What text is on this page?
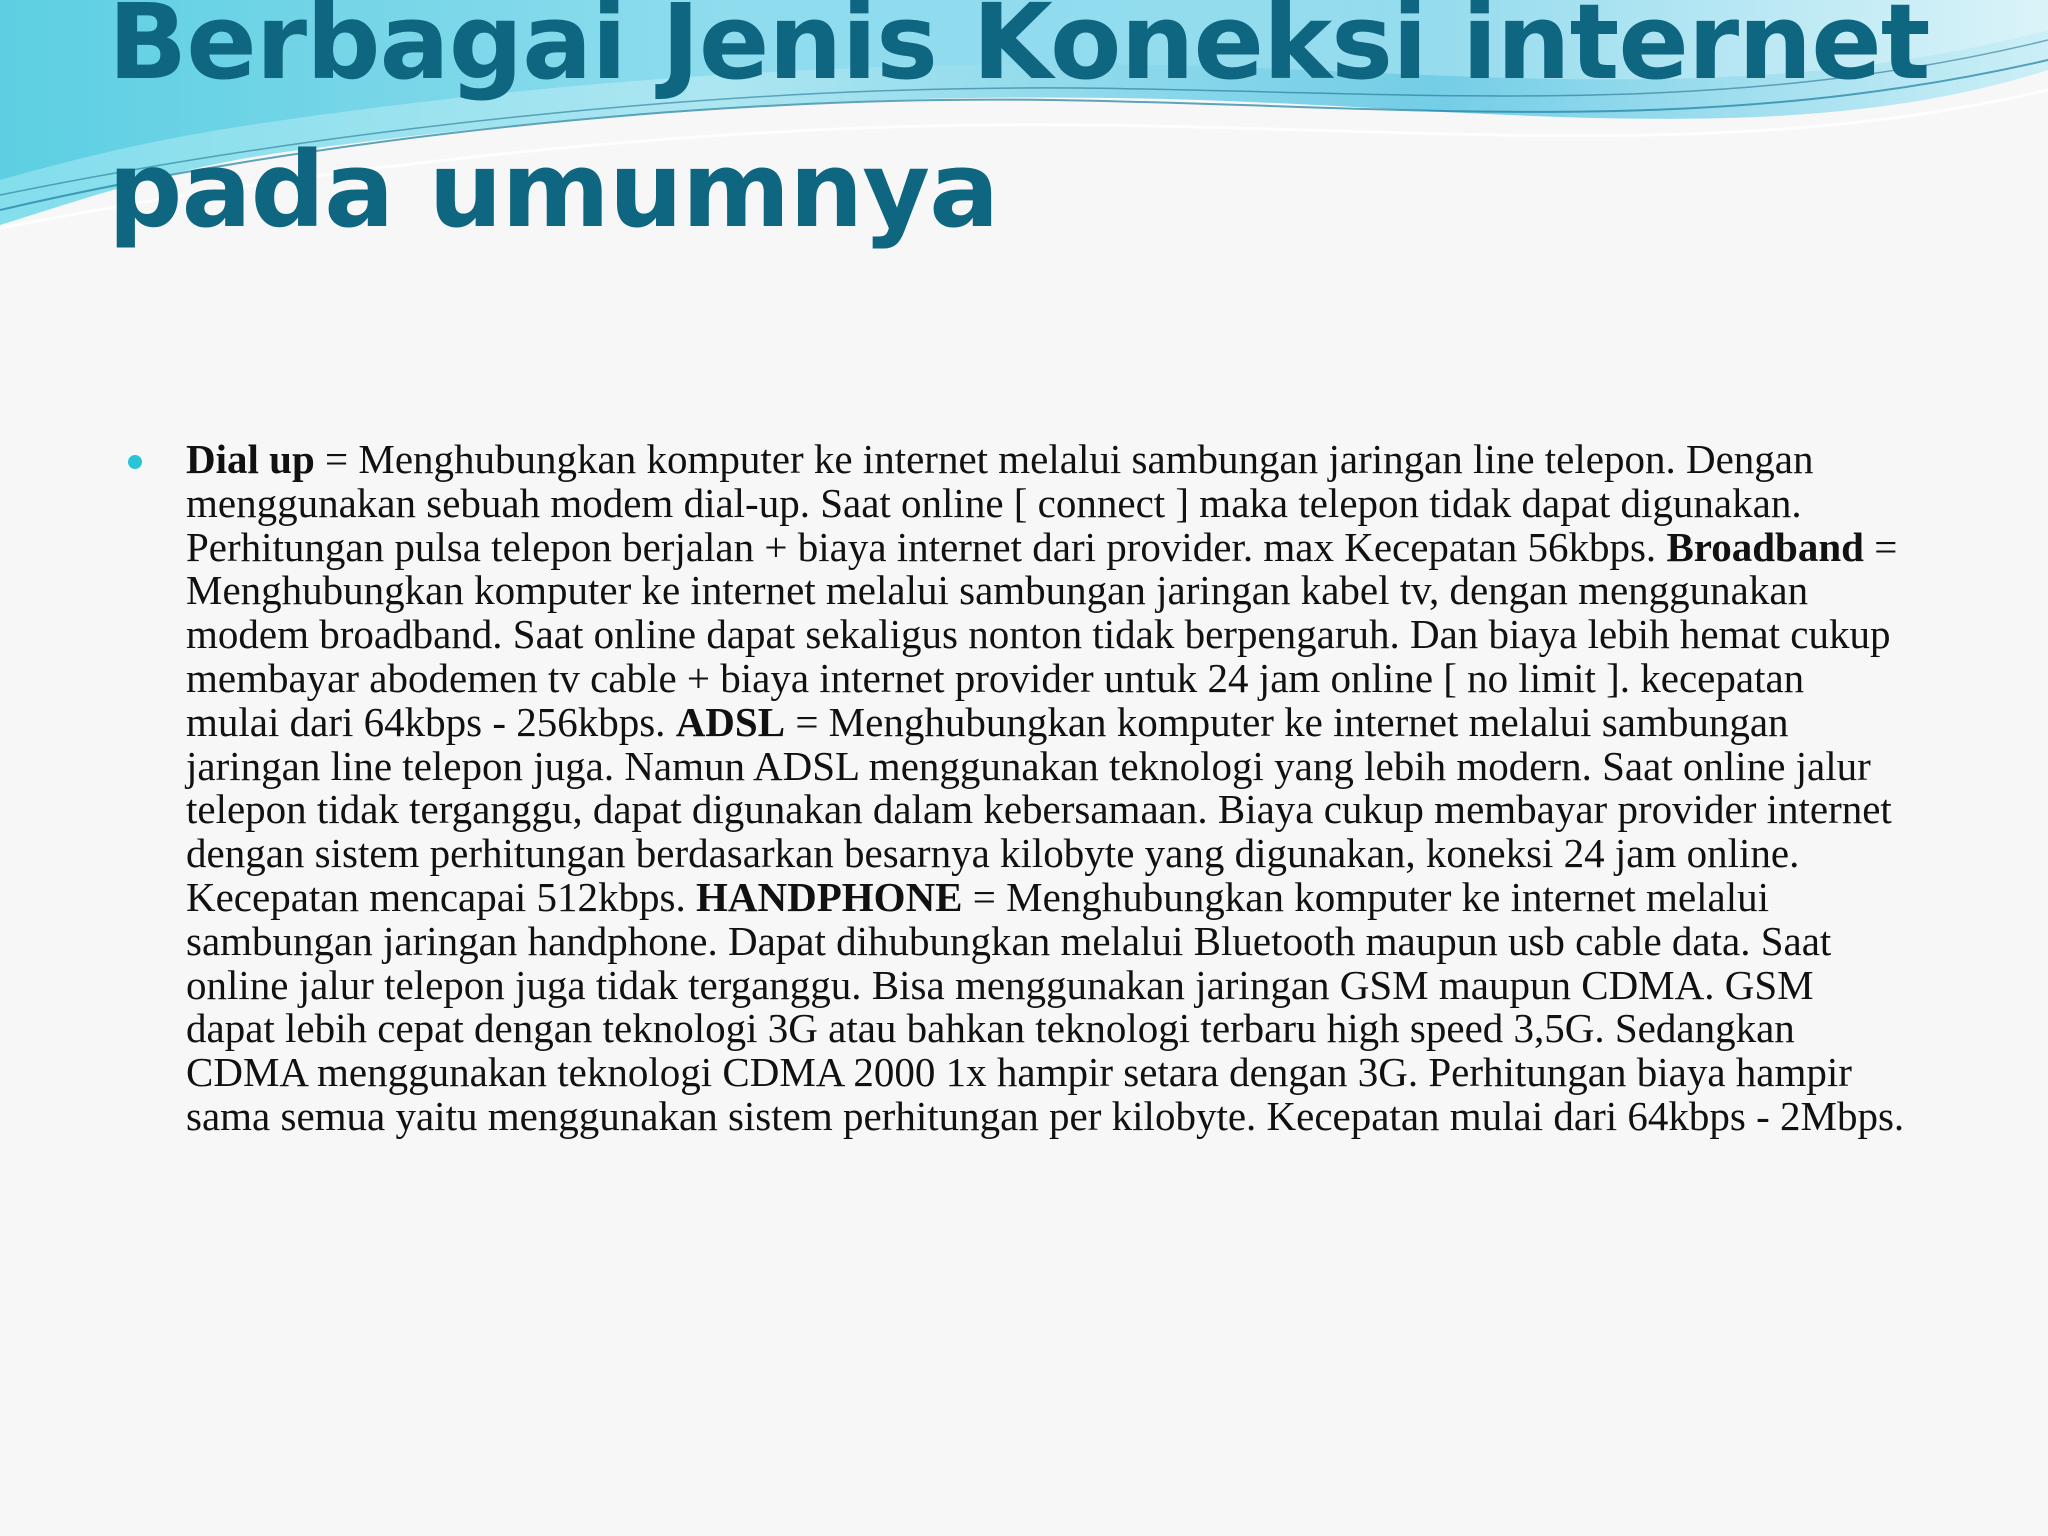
Berbagai Jenis Koneksi internet pada umumnya

Dial up = Menghubungkan komputer ke internet melalui sambungan jaringan line telepon. Dengan menggunakan sebuah modem dial-up. Saat online [ connect ] maka telepon tidak dapat digunakan. Perhitungan pulsa telepon berjalan + biaya internet dari provider. max Kecepatan 56kbps. Broadband = Menghubungkan komputer ke internet melalui sambungan jaringan kabel tv, dengan menggunakan modem broadband. Saat online dapat sekaligus nonton tidak berpengaruh. Dan biaya lebih hemat cukup membayar abodemen tv cable + biaya internet provider untuk 24 jam online [ no limit ]. kecepatan mulai dari 64kbps - 256kbps. ADSL = Menghubungkan komputer ke internet melalui sambungan jaringan line telepon juga. Namun ADSL menggunakan teknologi yang lebih modern. Saat online jalur telepon tidak terganggu, dapat digunakan dalam kebersamaan. Biaya cukup membayar provider internet dengan sistem perhitungan berdasarkan besarnya kilobyte yang digunakan, koneksi 24 jam online. Kecepatan mencapai 512kbps. HANDPHONE = Menghubungkan komputer ke internet melalui sambungan jaringan handphone. Dapat dihubungkan melalui Bluetooth maupun usb cable data. Saat online jalur telepon juga tidak terganggu. Bisa menggunakan jaringan GSM maupun CDMA. GSM dapat lebih cepat dengan teknologi 3G atau bahkan teknologi terbaru high speed 3,5G. Sedangkan CDMA menggunakan teknologi CDMA 2000 1x hampir setara dengan 3G. Perhitungan biaya hampir sama semua yaitu menggunakan sistem perhitungan per kilobyte. Kecepatan mulai dari 64kbps - 2Mbps.
